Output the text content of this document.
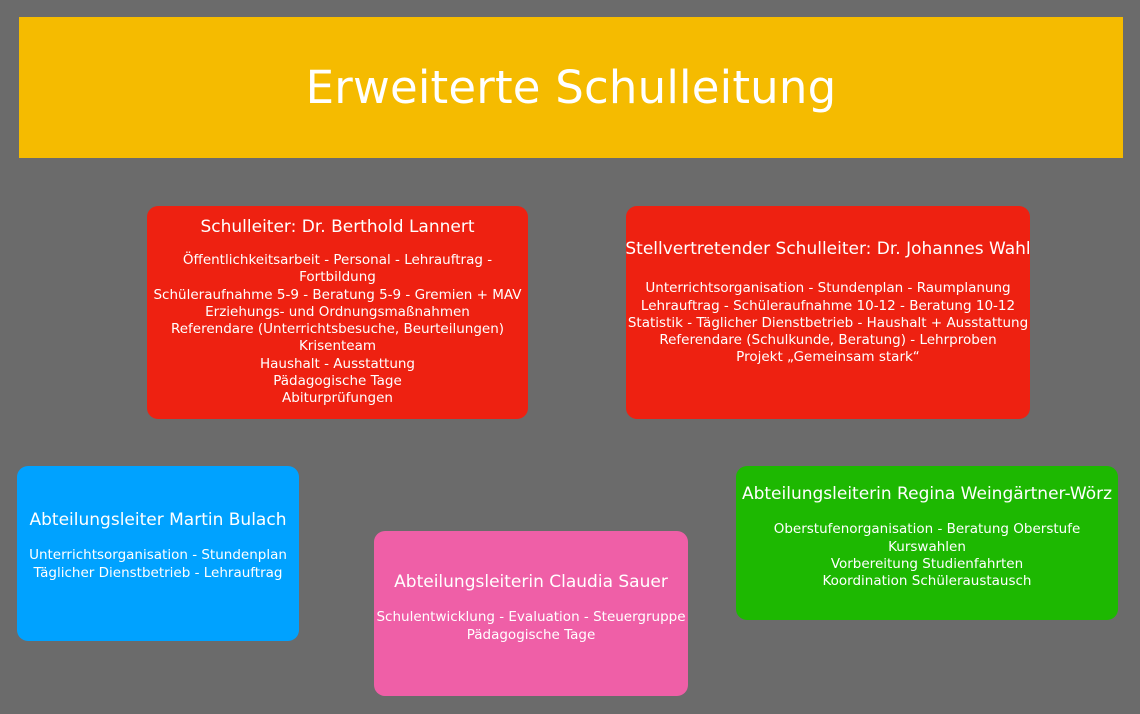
Erweiterte Schulleitung
Schulleiter: Dr. Berthold Lannert
Öffentlichkeitsarbeit - Personal - Lehrauftrag -
Fortbildung
Schüleraufnahme 5-9 - Beratung 5-9 - Gremien + MAV
Erziehungs- und Ordnungsmaßnahmen
Referendare (Unterrichtsbesuche, Beurteilungen)
Krisenteam
Haushalt - Ausstattung
Pädagogische Tage
Abiturprüfungen
Stellvertretender Schulleiter: Dr. Johannes Wahl
Unterrichtsorganisation - Stundenplan - Raumplanung
Lehrauftrag - Schüleraufnahme 10-12 - Beratung 10-12
Statistik - Täglicher Dienstbetrieb - Haushalt + Ausstattung
Referendare (Schulkunde, Beratung) - Lehrproben
Projekt „Gemeinsam stark“
Abteilungsleiter Martin Bulach
Unterrichtsorganisation - Stundenplan
Täglicher Dienstbetrieb - Lehrauftrag	Abteilungsleiterin Claudia Sauer
Schulentwicklung - Evaluation - Steuergruppe
Pädagogische Tage
Abteilungsleiterin Regina Weingärtner-Wörz
Oberstufenorganisation - Beratung Oberstufe
Kurswahlen
Vorbereitung Studienfahrten
Koordination Schüleraustausch
